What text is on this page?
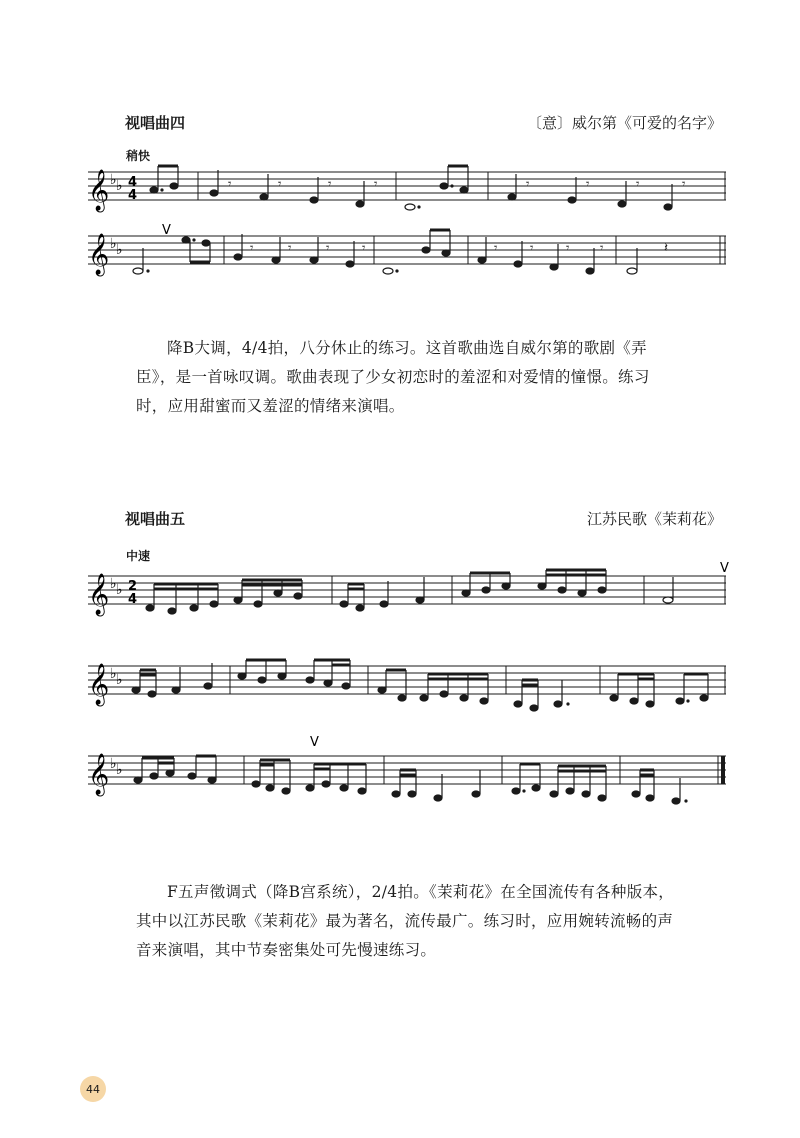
视唱曲四	〔意〕威尔第《可爱的名字》
稍快
𝄞 ♭ ♭ 4
4
𝄾	𝄾	𝄾	𝄾	𝄾	𝄾	𝄾	𝄾
𝄞 ♭ ♭
V
𝄾	𝄾	𝄾	𝄾	𝄾	𝄾	𝄾 𝄾	𝄽

降B大调，4/4拍，八分休止的练习。这首歌曲选自威尔第的歌剧《弄臣》，是一首咏叹调。歌曲表现了少女初恋时的羞涩和对爱情的憧憬。练习时，应用甜蜜而又羞涩的情绪来演唱。

视唱曲五	江苏民歌《茉莉花》
中速
𝄞 ♭ ♭ 2
4
V
𝄞 ♭ ♭
𝄞 ♭ ♭
V

F五声徵调式（降B宫系统），2/4拍。《茉莉花》在全国流传有各种版本，其中以江苏民歌《茉莉花》最为著名，流传最广。练习时，应用婉转流畅的声音来演唱，其中节奏密集处可先慢速练习。

44
